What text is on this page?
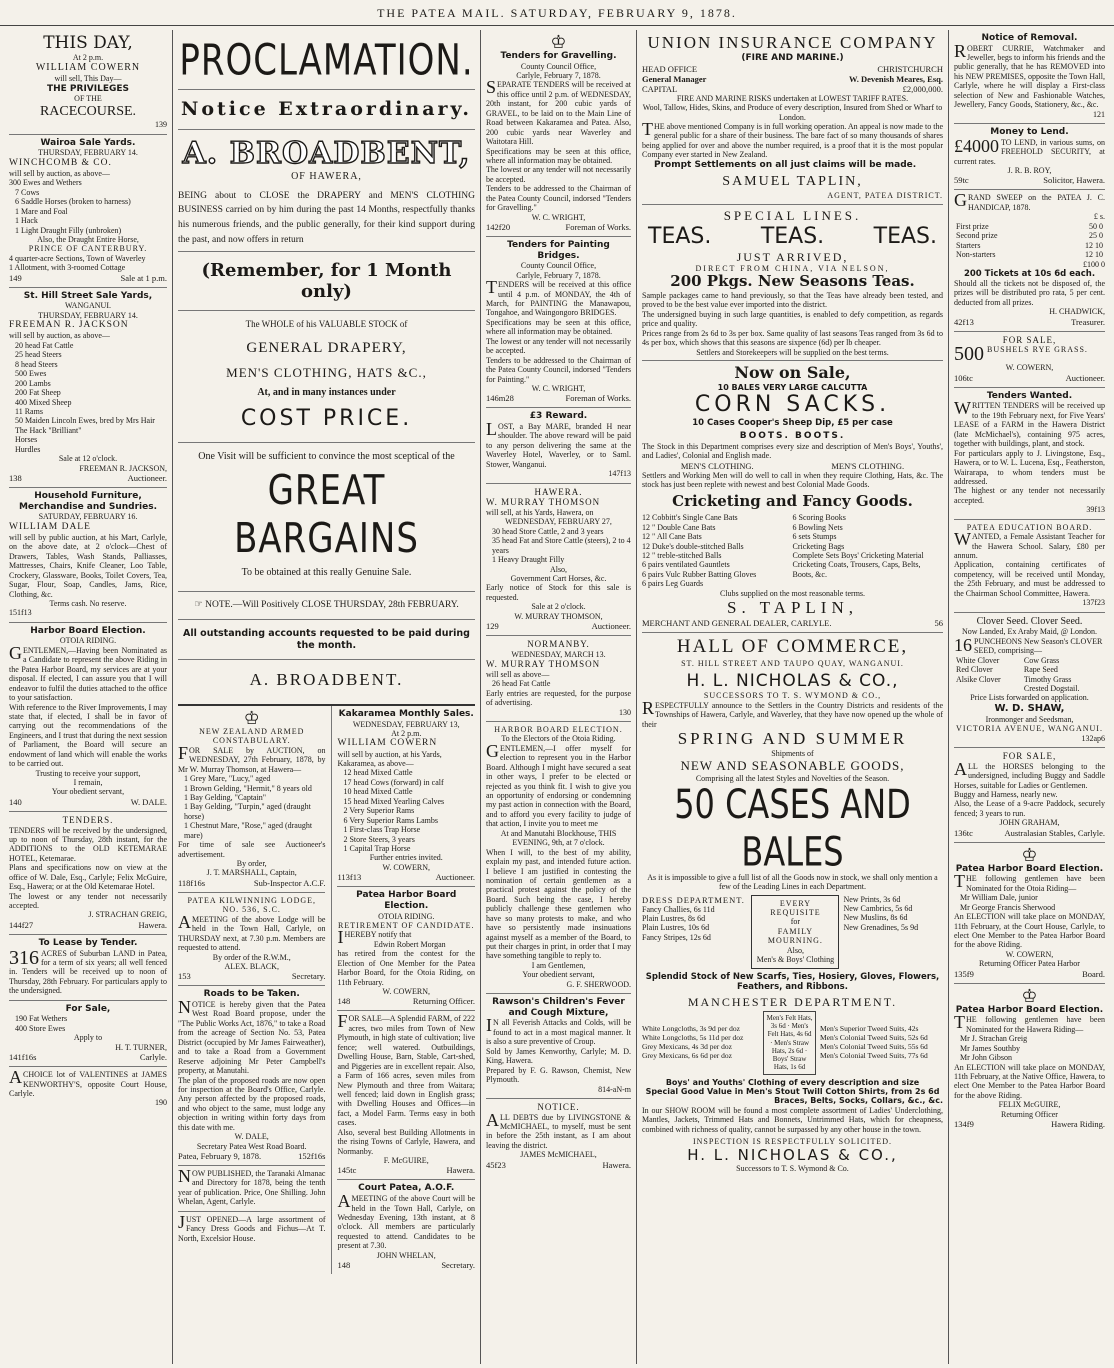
THE PATEA MAIL. SATURDAY, FEBRUARY 9, 1878.
THIS DAY,
At 2 p.m.
WILLIAM COWERN
will sell, This Day—
THE PRIVILEGES
OF THE
RACECOURSE.
139
Wairoa Sale Yards.
THURSDAY, FEBRUARY 14.
WINCHCOMB & CO.
will sell by auction, as above—
300 Ewes and Wethers
7 Cows
6 Saddle Horses (broken to harness)
1 Mare and Foal
1 Hack
1 Light Draught Filly (unbroken)
Also, the Draught Entire Horse,
PRINCE OF CANTERBURY.
4 quarter-acre Sections, Town of Waverley
1 Allotment, with 3-roomed Cottage
149	Sale at 1 p.m.
St. Hill Street Sale Yards,
WANGANUI.
THURSDAY, FEBRUARY 14.
FREEMAN R. JACKSON
will sell by auction, as above—
20 head Fat Cattle
25 head Steers
8 head Steers
500 Ewes
200 Lambs
200 Fat Sheep
400 Mixed Sheep
11 Rams
50 Maiden Lincoln Ewes, bred by Mrs Hair
The Hack "Brilliant"
Horses
Hurdles
Sale at 12 o'clock.
FREEMAN R. JACKSON,
138	Auctioneer.
Household Furniture, Merchandise and Sundries.
SATURDAY, FEBRUARY 16.
WILLIAM DALE
will sell by public auction, at his Mart, Carlyle, on the above date, at 2 o'clock—Chest of Drawers, Tables, Wash Stands, Palliasses, Mattresses, Chairs, Knife Cleaner, Loo Table, Crockery, Glassware, Books, Toilet Covers, Tea, Sugar, Flour, Soap, Candles, Jams, Rice, Clothing, &c.
Terms cash. No reserve.
151f13
Harbor Board Election.
OTOIA RIDING.
GENTLEMEN,—Having been Nominated as a Candidate to represent the above Riding in the Patea Harbor Board, my services are at your disposal. If elected, I can assure you that I will endeavor to fulfil the duties attached to the office to your satisfaction.
With reference to the River Improvements, I may state that, if elected, I shall be in favor of carrying out the recommendations of the Engineers, and I trust that during the next session of Parliament, the Board will secure an endowment of land which will enable the works to be carried out.
Trusting to receive your support,
I remain,
Your obedient servant,
140	W. DALE.
TENDERS.
TENDERS will be received by the undersigned, up to noon of Thursday, 28th instant, for the ADDITIONS to the OLD KETEMARAE HOTEL, Ketemarae.
Plans and specifications now on view at the office of W. Dale, Esq., Carlyle; Felix McGuire, Esq., Hawera; or at the Old Ketemarae Hotel.
The lowest or any tender not necessarily accepted.
J. STRACHAN GREIG,
144f27	Hawera.
To Lease by Tender.
316 ACRES of Suburban LAND in Patea, for a term of six years; all well fenced in. Tenders will be received up to noon of Thursday, 28th February. For particulars apply to the undersigned.
For Sale,
190 Fat Wethers
400 Store Ewes
Apply to
H. T. TURNER,
141f16s	Carlyle.
ACHOICE lot of VALENTINES at JAMES KENWORTHY'S, opposite Court House, Carlyle.
190
PROCLAMATION.
Notice Extraordinary.
A. BROADBENT,
OF HAWERA,
BEING about to CLOSE the DRAPERY and MEN'S CLOTHING BUSINESS carried on by him during the past 14 Months, respectfully thanks his numerous friends, and the public generally, for their kind support during the past, and now offers in return
(Remember, for 1 Month only)
The WHOLE of his VALUABLE STOCK of
GENERAL DRAPERY,
MEN'S CLOTHING, HATS &C.,
At, and in many instances under
COST PRICE.
One Visit will be sufficient to convince the most sceptical of the
GREAT BARGAINS
To be obtained at this really Genuine Sale.
☞ NOTE.—Will Positively CLOSE THURSDAY, 28th FEBRUARY.
All outstanding accounts requested to be paid during the month.
A. BROADBENT.
♔
NEW ZEALAND ARMED CONSTABULARY.
FOR SALE by AUCTION, on WEDNESDAY, 27th February, 1878, by Mr W. Murray Thomson, at Hawera—
1 Grey Mare, "Lucy," aged
1 Brown Gelding, "Hermit," 8 years old
1 Bay Gelding, "Captain"
1 Bay Gelding, "Turpin," aged (draught horse)
1 Chestnut Mare, "Rose," aged (draught mare)
For time of sale see Auctioneer's advertisement.
By order,
J. T. MARSHALL, Captain,
118f16s	Sub-Inspector A.C.F.
PATEA KILWINNING LODGE, NO. 536, S.C.
AMEETING of the above Lodge will be held in the Town Hall, Carlyle, on THURSDAY next, at 7.30 p.m. Members are requested to attend.
By order of the R.W.M.,
ALEX. BLACK,
153	Secretary.
Roads to be Taken.
NOTICE is hereby given that the Patea West Road Board propose, under the "The Public Works Act, 1876," to take a Road from the acreage of Section No. 53, Patea District (occupied by Mr James Fairweather), and to take a Road from a Government Reserve adjoining Mr Peter Campbell's property, at Manutahi.
The plan of the proposed roads are now open for inspection at the Board's Office, Carlyle. Any person affected by the proposed roads, and who object to the same, must lodge any objection in writing within forty days from this date with me.
W. DALE,
Secretary Patea West Road Board.
Patea, February 9, 1878.	152f16s
NOW PUBLISHED, the Taranaki Almanac and Directory for 1878, being the tenth year of publication. Price, One Shilling. John Whelan, Agent, Carlyle.
JUST OPENED—A large assortment of Fancy Dress Goods and Fichus—At T. North, Excelsior House.
Kakaramea Monthly Sales.
WEDNESDAY, FEBRUARY 13,
At 2 p.m.
WILLIAM COWERN
will sell by auction, at his Yards, Kakaramea, as above—
12 head Mixed Cattle
17 head Cows (forward) in calf
10 head Mixed Cattle
15 head Mixed Yearling Calves
2 Very Superior Rams
6 Very Superior Rams Lambs
1 First-class Trap Horse
2 Store Steers, 3 years
1 Capital Trap Horse
Further entries invited.
W. COWERN,
113f13	Auctioneer.
Patea Harbor Board Election.
OTOIA RIDING.
RETIREMENT OF CANDIDATE.
IHEREBY notify that
Edwin Robert Morgan
has retired from the contest for the Election of One Member for the Patea Harbor Board, for the Otoia Riding, on 11th February.
W. COWERN,
148	Returning Officer.
FOR SALE—A Splendid FARM, of 222 acres, two miles from Town of New Plymouth, in high state of cultivation; live fence; well watered. Outbuildings, Dwelling House, Barn, Stable, Cart-shed, and Piggeries are in excellent repair. Also, a Farm of 166 acres, seven miles from New Plymouth and three from Waitara; well fenced; laid down in English grass; with Dwelling Houses and Offices—in fact, a Model Farm. Terms easy in both cases.
Also, several best Building Allotments in the rising Towns of Carlyle, Hawera, and Normanby.
F. McGUIRE,
145tc	Hawera.
Court Patea, A.O.F.
AMEETING of the above Court will be held in the Town Hall, Carlyle, on Wednesday Evening, 13th instant, at 8 o'clock. All members are particularly requested to attend. Candidates to be present at 7.30.
JOHN WHELAN,
148	Secretary.
♔
Tenders for Gravelling.
County Council Office,
Carlyle, February 7, 1878.
SEPARATE TENDERS will be received at this office until 2 p.m. of WEDNESDAY, 20th instant, for 200 cubic yards of GRAVEL, to be laid on to the Main Line of Road between Kakaramea and Patea. Also, 200 cubic yards near Waverley and Waitotara Hill.
Specifications may be seen at this office, where all information may be obtained.
The lowest or any tender will not necessarily be accepted.
Tenders to be addressed to the Chairman of the Patea County Council, indorsed "Tenders for Gravelling."
W. C. WRIGHT,
142f20	Foreman of Works.
Tenders for Painting Bridges.
County Council Office,
Carlyle, February 7, 1878.
TENDERS will be received at this office until 4 p.m. of MONDAY, the 4th of March, for PAINTING the Manawapou, Tongahoe, and Waingongoro BRIDGES.
Specifications may be seen at this office, where all information may be obtained.
The lowest or any tender will not necessarily be accepted.
Tenders to be addressed to the Chairman of the Patea County Council, indorsed "Tenders for Painting."
W. C. WRIGHT,
146m28	Foreman of Works.
£3 Reward.
LOST, a Bay MARE, branded H near shoulder. The above reward will be paid to any person delivering the same at the Waverley Hotel, Waverley, or to Saml. Stower, Wanganui.
147f13
HAWERA.
W. MURRAY THOMSON
will sell, at his Yards, Hawera, on
WEDNESDAY, FEBRUARY 27,
30 head Store Cattle, 2 and 3 years
35 head Fat and Store Cattle (steers), 2 to 4 years
1 Heavy Draught Filly
Also,
Government Cart Horses, &c.
Early notice of Stock for this sale is requested.
Sale at 2 o'clock.
W. MURRAY THOMSON,
129	Auctioneer.
NORMANBY.
WEDNESDAY, MARCH 13.
W. MURRAY THOMSON
will sell as above—
26 head Fat Cattle
Early entries are requested, for the purpose of advertising.
130
HARBOR BOARD ELECTION.
To the Electors of the Otoia Riding.
GENTLEMEN,—I offer myself for election to represent you in the Harbor Board. Although I might have secured a seat in other ways, I prefer to be elected or rejected as you think fit. I wish to give you an opportunity of endorsing or condemning my past action in connection with the Board, and to afford you every facility to judge of that action, I invite you to meet me
At and Manutahi Blockhouse, THIS EVENING, 9th, at 7 o'clock.
When I will, to the best of my ability, explain my past, and intended future action. I believe I am justified in contesting the nomination of certain gentlemen as a practical protest against the policy of the Board. Such being the case, I hereby publicly challenge these gentlemen who have so many protests to make, and who have so persistently made insinuations against myself as a member of the Board, to put their charges in print, in order that I may have something tangible to reply to.
I am Gentlemen,
Your obedient servant,
G. F. SHERWOOD.
Rawson's Children's Fever and Cough Mixture,
IN all Feverish Attacks and Colds, will be found to act in a most magical manner. It is also a sure preventive of Croup.
Sold by James Kenworthy, Carlyle; M. D. King, Hawera.
Prepared by F. G. Rawson, Chemist, New Plymouth.
814-aN-m
NOTICE.
ALL DEBTS due by LIVINGSTONE & McMICHAEL, to myself, must be sent in before the 25th instant, as I am about leaving the district.
JAMES McMICHAEL,
45f23	Hawera.
UNION INSURANCE COMPANY
(FIRE AND MARINE.)
HEAD OFFICE	CHRISTCHURCH
General Manager	W. Devenish Meares, Esq.
CAPITAL	£2,000,000.
FIRE AND MARINE RISKS undertaken at LOWEST TARIFF RATES.
Wool, Tallow, Hides, Skins, and Produce of every description, Insured from Shed or Wharf to London.
THE above mentioned Company is in full working operation. An appeal is now made to the general public for a share of their business. The bare fact of so many thousands of shares being applied for over and above the number required, is a proof that it is the most popular Company ever started in New Zealand.
Prompt Settlements on all just claims will be made.
SAMUEL TAPLIN,
AGENT, PATEA DISTRICT.
SPECIAL LINES.
TEAS. TEAS. TEAS.
JUST ARRIVED,
DIRECT FROM CHINA, VIA NELSON,
200 Pkgs. New Seasons Teas.
Sample packages came to hand previously, so that the Teas have already been tested, and proved to be the best value ever imported into the district.
The undersigned buying in such large quantities, is enabled to defy competition, as regards price and quality.
Prices range from 2s 6d to 3s per box. Same quality of last seasons Teas ranged from 3s 6d to 4s per box, which shows that this seasons are sixpence (6d) per lb cheaper.
Settlers and Storekeepers will be supplied on the best terms.
Now on Sale,
10 BALES VERY LARGE CALCUTTA
CORN SACKS.
10 Cases Cooper's Sheep Dip, £5 per case
BOOTS. BOOTS.
The Stock in this Department comprises every size and description of Men's Boys', Youths', and Ladies', Colonial and English made.
MEN'S CLOTHING.	MEN'S CLOTHING.
Settlers and Working Men will do well to call in when they require Clothing, Hats, &c. The stock has just been replete with newest and best Colonial Made Goods.
Cricketing and Fancy Goods.
12 Cobbitt's Single Cane Bats
12 " Double Cane Bats
12 " All Cane Bats
12 Duke's double-stitched Balls
12 " treble-stitched Balls
6 pairs ventilated Gauntlets
6 pairs Vulc Rubber Batting Gloves
6 pairs Leg Guards
6 Scoring Books
6 Bowling Nets
6 sets Stumps
Cricketing Bags
Complete Sets Boys' Cricketing Material
Cricketing Coats, Trousers, Caps, Belts, Boots, &c.
Clubs supplied on the most reasonable terms.
S. TAPLIN,
MERCHANT AND GENERAL DEALER, CARLYLE.	56
HALL OF COMMERCE,
ST. HILL STREET AND TAUPO QUAY, WANGANUI.
H. L. NICHOLAS & CO.,
SUCCESSORS TO T. S. WYMOND & CO.,
RESPECTFULLY announce to the Settlers in the Country Districts and residents of the Townships of Hawera, Carlyle, and Waverley, that they have now opened up the whole of their
SPRING AND SUMMER
Shipments of
NEW AND SEASONABLE GOODS,
Comprising all the latest Styles and Novelties of the Season.
50 CASES AND BALES
As it is impossible to give a full list of all the Goods now in stock, we shall only mention a few of the Leading Lines in each Department.
DRESS DEPARTMENT.
Fancy Challies, 6s 11d
Plain Lustres, 8s 6d
Plain Lustres, 10s 6d
Fancy Stripes, 12s 6d
EVERY REQUISITE
for
FAMILY MOURNING.
Also,
Men's & Boys' Clothing
New Prints, 3s 6d
New Cambrics, 5s 6d
New Muslins, 8s 6d
New Grenadines, 5s 9d
Splendid Stock of New Scarfs, Ties, Hosiery, Gloves, Flowers, Feathers, and Ribbons.
MANCHESTER DEPARTMENT.
White Longcloths, 3s 9d per doz
White Longcloths, 5s 11d per doz
Grey Mexicans, 4s 3d per doz
Grey Mexicans, 6s 6d per doz
Men's Felt Hats, 3s 6d · Men's Felt Hats, 4s 6d · Men's Straw Hats, 2s 6d · Boys' Straw Hats, 1s 6d
Men's Superior Tweed Suits, 42s
Men's Colonial Tweed Suits, 52s 6d
Men's Colonial Tweed Suits, 55s 6d
Men's Colonial Tweed Suits, 77s 6d
Boys' and Youths' Clothing of every description and size
Special Good Value in Men's Stout Twill Cotton Shirts, from 2s 6d
Braces, Belts, Socks, Collars, &c., &c.
In our SHOW ROOM will be found a most complete assortment of Ladies' Underclothing, Mantles, Jackets, Trimmed Hats and Bonnets, Untrimmed Hats, which for cheapness, combined with richness of quality, cannot be surpassed by any other house in the town.
INSPECTION IS RESPECTFULLY SOLICITED.
H. L. NICHOLAS & CO.,
Successors to T. S. Wymond & Co.
Notice of Removal.
ROBERT CURRIE, Watchmaker and Jeweller, begs to inform his friends and the public generally, that he has REMOVED into his NEW PREMISES, opposite the Town Hall, Carlyle, where he will display a First-class selection of New and Fashionable Watches, Jewellery, Fancy Goods, Stationery, &c., &c.
121
Money to Lend.
£4000 TO LEND, in various sums, on FREEHOLD SECURITY, at current rates.
J. R. B. ROY,
59tc	Solicitor, Hawera.
GRAND SWEEP on the PATEA J. C. HANDICAP, 1878.
£ s.
First prize	50 0
Second prize	25 0
Starters	12 10
Non-starters	12 10
£100 0
200 Tickets at 10s 6d each.
Should all the tickets not be disposed of, the prizes will be distributed pro rata, 5 per cent. deducted from all prizes.
H. CHADWICK,
42f13	Treasurer.
FOR SALE,
500 BUSHELS RYE GRASS.
W. COWERN,
106tc	Auctioneer.
Tenders Wanted.
WRITTEN TENDERS will be received up to the 19th February next, for Five Years' LEASE of a FARM in the Hawera District (late McMichael's), containing 975 acres, together with buildings, plant, and stock.
For particulars apply to J. Livingstone, Esq., Hawera, or to W. L. Lucena, Esq., Featherston, Wairarapa, to whom tenders must be addressed.
The highest or any tender not necessarily accepted.
39f13
PATEA EDUCATION BOARD.
WANTED, a Female Assistant Teacher for the Hawera School. Salary, £80 per annum.
Application, containing certificates of competency, will be received until Monday, the 25th February, and must be addressed to the Chairman School Committee, Hawera.
137f23
Clover Seed. Clover Seed.
Now Landed, Ex Araby Maid, @ London.
16 PUNCHEONS New Season's CLOVER SEED, comprising—
White Clover	Cow Grass
Red Clover	Rape Seed
Alsike Clover	Timothy Grass
	Crested Dogstail.
Price Lists forwarded on application.
W. D. SHAW,
Ironmonger and Seedsman,
VICTORIA AVENUE, WANGANUI.
132ap6
FOR SALE,
ALL the HORSES belonging to the undersigned, including Buggy and Saddle Horses, suitable for Ladies or Gentlemen.
Buggy and Harness, nearly new.
Also, the Lease of a 9-acre Paddock, securely fenced; 3 years to run.
JOHN GRAHAM,
136tc	Australasian Stables, Carlyle.
♔
Patea Harbor Board Election.
THE following gentlemen have been Nominated for the Otoia Riding—
Mr William Dale, junior
Mr George Francis Sherwood
An ELECTION will take place on MONDAY, 11th February, at the Court House, Carlyle, to elect One Member to the Patea Harbor Board for the above Riding.
W. COWERN,
Returning Officer Patea Harbor
135f9	Board.
♔
Patea Harbor Board Election.
THE following gentlemen have been Nominated for the Hawera Riding—
Mr J. Strachan Greig
Mr James Southby
Mr John Gibson
An ELECTION will take place on MONDAY, 11th February, at the Native Office, Hawera, to elect One Member to the Patea Harbor Board for the above Riding.
FELIX McGUIRE,
Returning Officer
134f9	Hawera Riding.
